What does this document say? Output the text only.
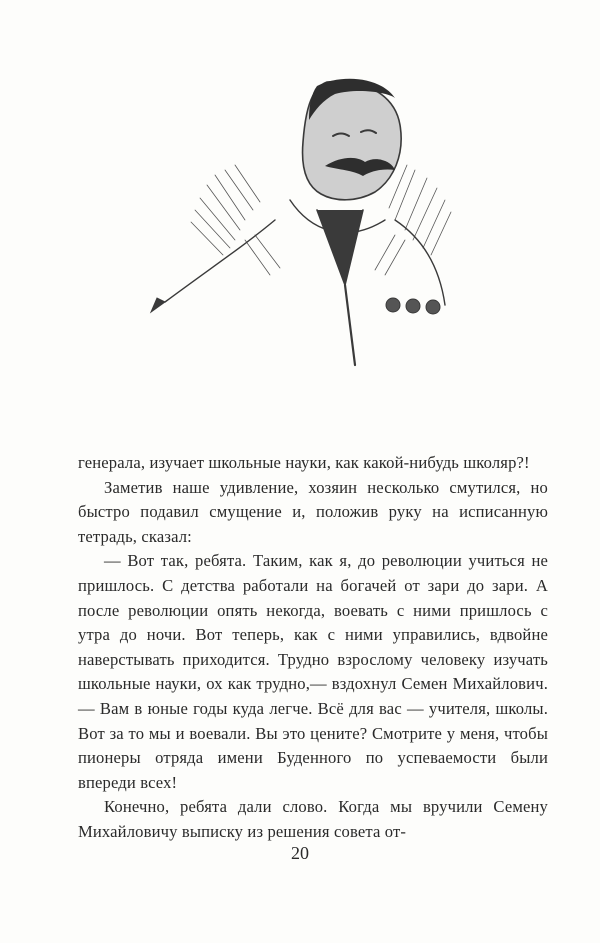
генерала, изучает школьные науки, как какой-нибудь школяр?!

Заметив наше удивление, хозяин несколько смутился, но быстро подавил смущение и, положив руку на исписанную тетрадь, сказал:

— Вот так, ребята. Таким, как я, до революции учиться не пришлось. С детства работали на богачей от зари до зари. А после революции опять некогда, воевать с ними пришлось с утра до ночи. Вот теперь, как с ними управились, вдвойне наверстывать приходится. Трудно взрослому человеку изучать школьные науки, ох как трудно,— вздохнул Семен Михайлович.— Вам в юные годы куда легче. Всё для вас — учителя, школы. Вот за то мы и воевали. Вы это цените? Смотрите у меня, чтобы пионеры отряда имени Буденного по успеваемости были впереди всех!

Конечно, ребята дали слово. Когда мы вручили Семену Михайловичу выписку из решения совета от-

20
